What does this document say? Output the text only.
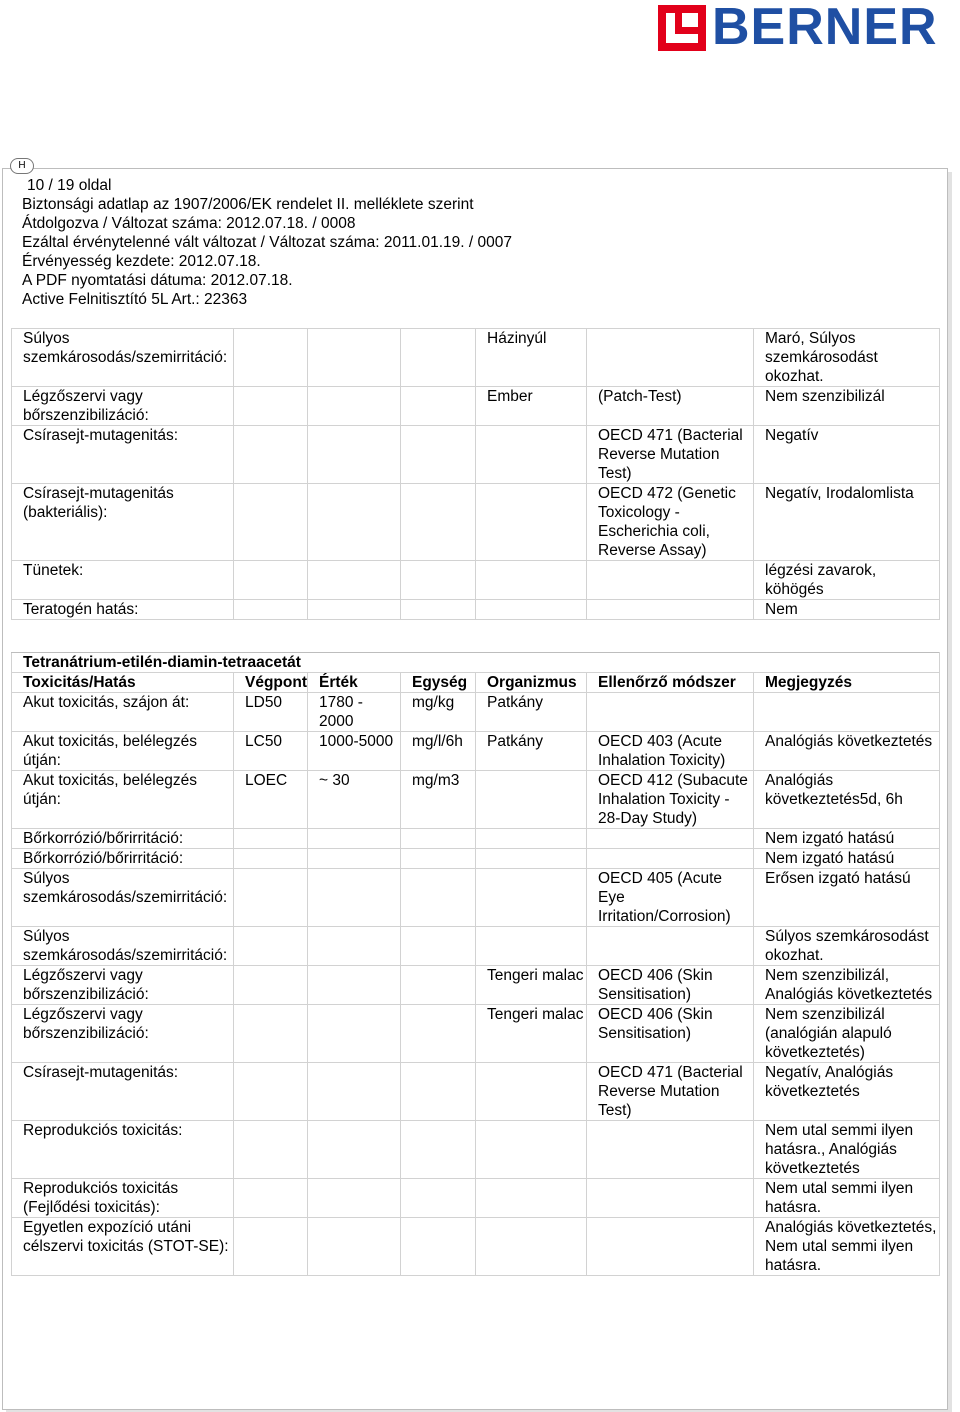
BERNER
H
10 / 19 oldal
Biztonsági adatlap az 1907/2006/EK rendelet II. melléklete szerint
Átdolgozva / Változat száma: 2012.07.18. / 0008
Ezáltal érvénytelenné vált változat / Változat száma: 2011.01.19. / 0007
Érvényesség kezdete: 2012.07.18.
A PDF nyomtatási dátuma: 2012.07.18.
Active Felnitisztító 5L Art.: 22363
Súlyos szemkárosodás/szemirritáció:				Házinyúl		Maró, Súlyos szemkárosodást okozhat.
Légzőszervi vagy bőrszenzibilizáció:				Ember	(Patch-Test)	Nem szenzibilizál
Csírasejt-mutagenitás:					OECD 471 (Bacterial Reverse Mutation Test)	Negatív
Csírasejt-mutagenitás (bakteriális):					OECD 472 (Genetic Toxicology - Escherichia coli, Reverse Assay)	Negatív, Irodalomlista
Tünetek:						légzési zavarok, köhögés
Teratogén hatás:						Nem
Tetranátrium-etilén-diamin-tetraacetát						
Toxicitás/Hatás	Végpont	Érték	Egység	Organizmus	Ellenőrző módszer	Megjegyzés
Akut toxicitás, szájon át:	LD50	1780 - 2000	mg/kg	Patkány		
Akut toxicitás, belélegzés útján:	LC50	1000-5000	mg/l/6h	Patkány	OECD 403 (Acute Inhalation Toxicity)	Analógiás következtetés
Akut toxicitás, belélegzés útján:	LOEC	~ 30	mg/m3		OECD 412 (Subacute Inhalation Toxicity - 28-Day Study)	Analógiás következtetés5d, 6h
Bőrkorrózió/bőrirritáció:						Nem izgató hatású
Bőrkorrózió/bőrirritáció:						Nem izgató hatású
Súlyos szemkárosodás/szemirritáció:					OECD 405 (Acute Eye Irritation/Corrosion)	Erősen izgató hatású
Súlyos szemkárosodás/szemirritáció:						Súlyos szemkárosodást okozhat.
Légzőszervi vagy bőrszenzibilizáció:				Tengeri malac	OECD 406 (Skin Sensitisation)	Nem szenzibilizál, Analógiás következtetés
Légzőszervi vagy bőrszenzibilizáció:				Tengeri malac	OECD 406 (Skin Sensitisation)	Nem szenzibilizál (analógián alapuló következtetés)
Csírasejt-mutagenitás:					OECD 471 (Bacterial Reverse Mutation Test)	Negatív, Analógiás következtetés
Reprodukciós toxicitás:						Nem utal semmi ilyen hatásra., Analógiás következtetés
Reprodukciós toxicitás (Fejlődési toxicitás):						Nem utal semmi ilyen hatásra.
Egyetlen expozíció utáni célszervi toxicitás (STOT-SE):						Analógiás következtetés, Nem utal semmi ilyen hatásra.
